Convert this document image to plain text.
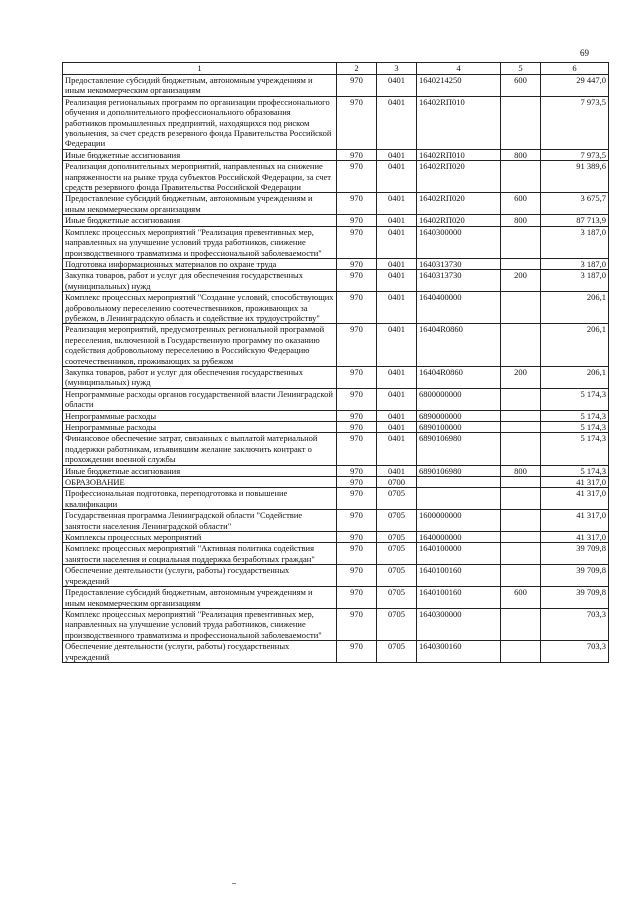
69
1	2	3	4	5	6
Предоставление субсидий бюджетным, автономным учреждениям и иным некоммерческим организациям	970	0401	1640214250	600	29 447,0
Реализация региональных программ по организации профессионального обучения и дополнительного профессионального образования работников промышленных предприятий, находящихся под риском увольнения, за счет средств резервного фонда Правительства Российской Федерации	970	0401	16402RП010		7 973,5
Иные бюджетные ассигнования	970	0401	16402RП010	800	7 973,5
Реализация дополнительных мероприятий, направленных на снижение напряженности на рынке труда субъектов Российской Федерации, за счет средств резервного фонда Правительства Российской Федерации	970	0401	16402RП020		91 389,6
Предоставление субсидий бюджетным, автономным учреждениям и иным некоммерческим организациям	970	0401	16402RП020	600	3 675,7
Иные бюджетные ассигнования	970	0401	16402RП020	800	87 713,9
Комплекс процессных мероприятий "Реализация превентивных мер, направленных на улучшение условий труда работников, снижение производственного травматизма и профессиональной заболеваемости"	970	0401	1640300000		3 187,0
Подготовка информационных материалов по охране труда	970	0401	1640313730		3 187,0
Закупка товаров, работ и услуг для обеспечения государственных (муниципальных) нужд	970	0401	1640313730	200	3 187,0
Комплекс процессных мероприятий "Создание условий, способствующих добровольному переселению соотечественников, проживающих за рубежом, в Ленинградскую область и содействие их трудоустройству"	970	0401	1640400000		206,1
Реализация мероприятий, предусмотренных региональной программой переселения, включенной в Государственную программу по оказанию содействия добровольному переселению в Российскую Федерацию соотечественников, проживающих за рубежом	970	0401	16404R0860		206,1
Закупка товаров, работ и услуг для обеспечения государственных (муниципальных) нужд	970	0401	16404R0860	200	206,1
Непрограммные расходы органов государственной власти Ленинградской области	970	0401	6800000000		5 174,3
Непрограммные расходы	970	0401	6890000000		5 174,3
Непрограммные расходы	970	0401	6890100000		5 174,3
Финансовое обеспечение затрат, связанных с выплатой материальной поддержки работникам, изъявившим желание заключить контракт о прохождении военной службы	970	0401	6890106980		5 174,3
Иные бюджетные ассигнования	970	0401	6890106980	800	5 174,3
ОБРАЗОВАНИЕ	970	0700			41 317,0
Профессиональная подготовка, переподготовка и повышение квалификации	970	0705			41 317,0
Государственная программа Ленинградской области "Содействие занятости населения Ленинградской области"	970	0705	1600000000		41 317,0
Комплексы процессных мероприятий	970	0705	1640000000		41 317,0
Комплекс процессных мероприятий "Активная политика содействия занятости населения и социальная поддержка безработных граждан"	970	0705	1640100000		39 709,8
Обеспечение деятельности (услуги, работы) государственных учреждений	970	0705	1640100160		39 709,8
Предоставление субсидий бюджетным, автономным учреждениям и иным некоммерческим организациям	970	0705	1640100160	600	39 709,8
Комплекс процессных мероприятий "Реализация превентивных мер, направленных на улучшение условий труда работников, снижение производственного травматизма и профессиональной заболеваемости"	970	0705	1640300000		703,3
Обеспечение деятельности (услуги, работы) государственных учреждений	970	0705	1640300160		703,3
